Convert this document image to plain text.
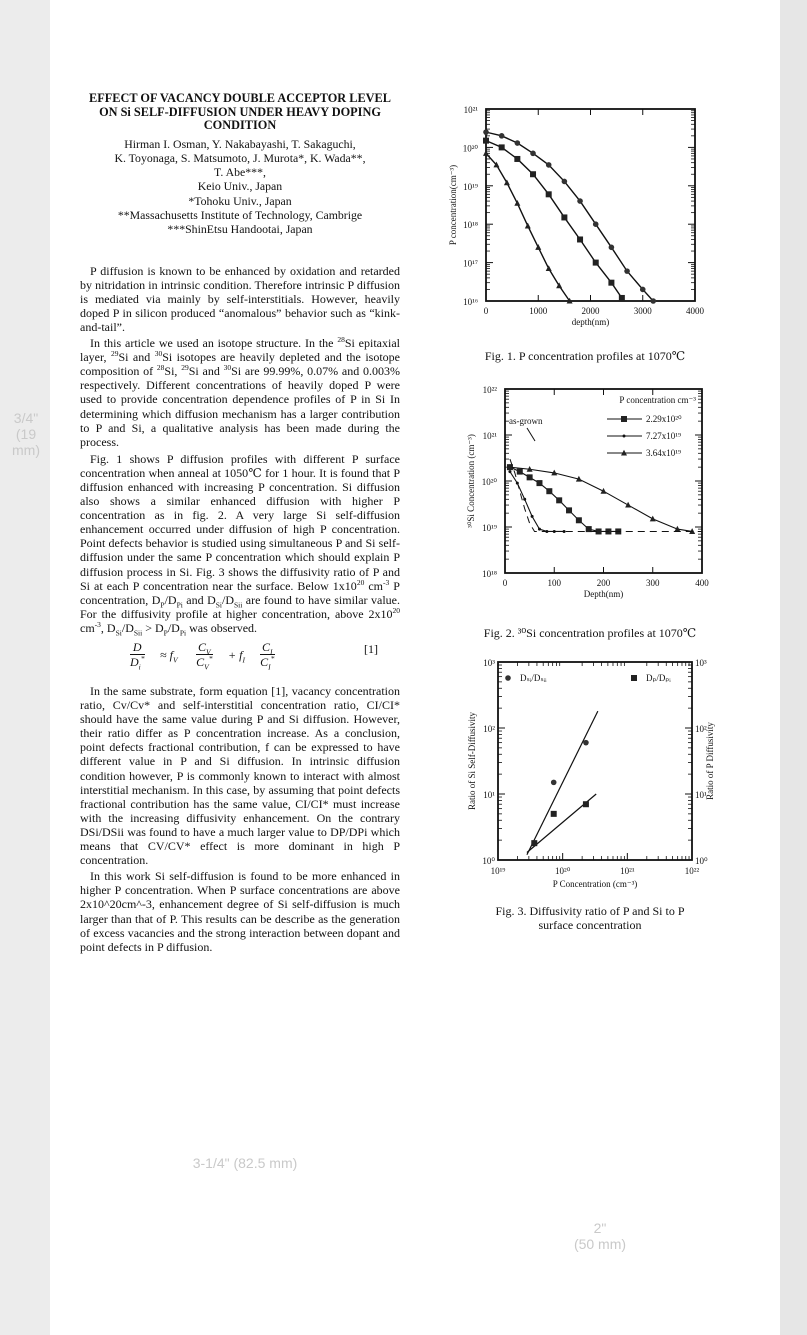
3/4"
(19 mm)
3-1/4" (82.5 mm)
2"
(50 mm)
EFFECT OF VACANCY DOUBLE ACCEPTOR LEVEL ON Si SELF-DIFFUSION UNDER HEAVY DOPING CONDITION
Hirman I. Osman, Y. Nakabayashi, T. Sakaguchi,
K. Toyonaga, S. Matsumoto, J. Murota*, K. Wada**,
T. Abe***,
Keio Univ., Japan
*Tohoku Univ., Japan
**Massachusetts Institute of Technology, Cambrige
***ShinEtsu Handootai, Japan

P diffusion is known to be enhanced by oxidation and retarded by nitridation in intrinsic condition. Therefore intrinsic P diffusion is mediated via mainly by self-interstitials. However, heavily doped P in silicon produced “anomalous” behavior such as “kink-and-tail”.

In this article we used an isotope structure. In the $^{28}$Si epitaxial layer, $^{29}$Si and $^{30}$Si isotopes are heavily depleted and the isotope composition of $^{28}$Si, $^{29}$Si and $^{30}$Si are 99.99%, 0.07% and 0.003% respectively. Different concentrations of heavily doped P were used to provide concentration dependence profiles of P in Si In determining which diffusion mechanism has a larger contribution to P and Si, a qualitative analysis has been made during the process.

Fig. 1 shows P diffusion profiles with different P surface concentration when anneal at 1050℃ for 1 hour. It is found that P diffusion enhanced with increasing P concentration. Si diffusion also shows a similar enhanced diffusion with higher P concentration as in fig. 2. A very large Si self-diffusion enhancement occurred under diffusion of high P concentration. Point defects behavior is studied using simultaneous P and Si self-diffusion under the same P concentration which should explain P diffusion process in Si. Fig. 3 shows the diffusivity ratio of P and Si at each P concentration near the surface. Below $1x10^{20}$ $cm^{-3}$ P concentration, $D_P/D_{Pi}$ and $D_{Si}/D_{Sii}$ are found to have similar value. For the diffusivity profile at higher concentration, above $2x10^{20}$ $cm^{-3}$, $D_{Si}/D_{Sii} > D_P/D_{Pi}$ was observed.

$\frac{D}{D_i^*} \approx f_V \frac{C_V}{C_V^*} + f_I \frac{C_I}{C_I^*}$	[1]

In the same substrate, form equation [1], vacancy concentration ratio, Cv/Cv* and self-interstitial concentration ratio, CI/CI* should have the same value during P and Si diffusion. However, their ratio differ as P concentration increase. As a conclusion, point defects fractional contribution, f can be expressed to have different value in P and Si diffusion. In intrinsic diffusion condition however, P is commonly known to interact with almost interstitial mechanism. In this case, by assuming that point defects fractional contribution has the same value, CI/CI* must increase with the increasing diffusivity enhancement. On the contrary DSi/DSii was found to have a much larger value to DP/DPi which means that CV/CV* effect is more dominant in high P concentration.

In this work Si self-diffusion is found to be more enhanced in higher P concentration. When P surface concentrations are above 2x10^20cm^-3, enhancement degree of Si self-diffusion is much larger than that of P. This results can be describe as the generation of excess vacancies and the strong interaction between dopant and point defects in P diffusion.

10¹⁶
10¹⁷
10¹⁸
10¹⁹
10²⁰
10²¹
0	1000	2000	3000	4000
depth(nm)
P concentration(cm⁻³)
Fig. 1. P concentration profiles at 1070℃
10¹⁸
10¹⁹
10²⁰
10²¹
10²²
0	100	200	300	400
Depth(nm)
³⁰Si Concentration (cm⁻³)
as-grown
P concentration cm⁻³
2.29x10²⁰
7.27x10¹⁹
3.64x10¹⁹
Fig. 2. ³⁰Si concentration profiles at 1070℃
10⁰	10⁰
10¹	10¹
10²	10²
10³	10³
10¹⁹	10²⁰	10²¹	10²²
P Concentration (cm⁻³)
Ratio of Si Self-Diffusivity	Ratio of P Diffusivity
Dₛᵢ/Dₛᵢᵢ	Dₚ/Dₚᵢ
Fig. 3. Diffusivity ratio of P and Si to P
surface concentration
